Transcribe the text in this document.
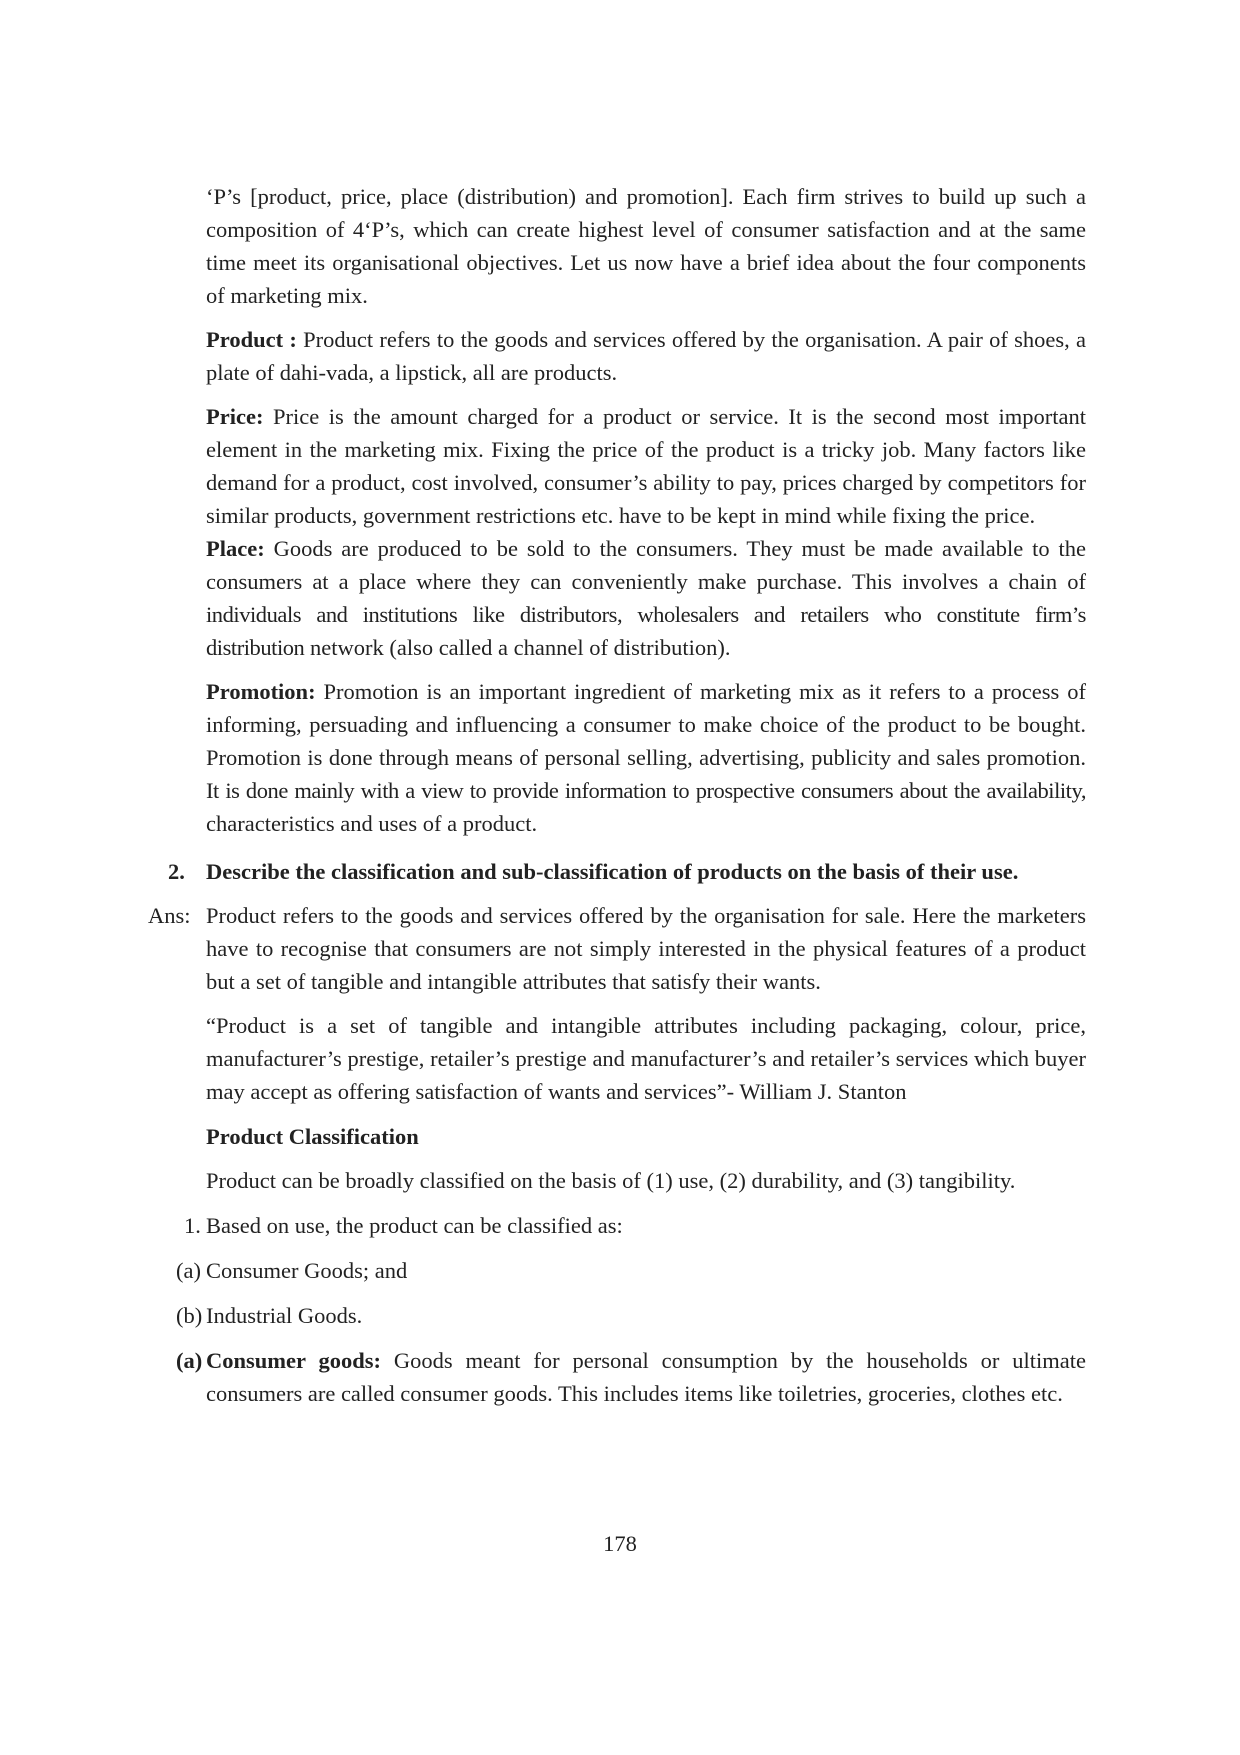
‘P’s [product, price, place (distribution) and promotion]. Each firm strives to build up such a composition of 4‘P’s, which can create highest level of consumer satisfaction and at the same time meet its organisational objectives. Let us now have a brief idea about the four components of marketing mix.

Product : Product refers to the goods and services offered by the organisation. A pair of shoes, a plate of dahi-vada, a lipstick, all are products.

Price: Price is the amount charged for a product or service. It is the second most important element in the marketing mix. Fixing the price of the product is a tricky job. Many factors like demand for a product, cost involved, consumer’s ability to pay, prices charged by competitors for similar products, government restrictions etc. have to be kept in mind while fixing the price.

Place: Goods are produced to be sold to the consumers. They must be made available to the consumers at a place where they can conveniently make purchase. This involves a chain of individuals and institutions like distributors, wholesalers and retailers who constitute firm’s distribution network (also called a channel of distribution).

Promotion: Promotion is an important ingredient of marketing mix as it refers to a process of informing, persuading and influencing a consumer to make choice of the product to be bought. Promotion is done through means of personal selling, advertising, publicity and sales promotion. It is done mainly with a view to provide information to prospective consumers about the availability, characteristics and uses of a product.

2. Describe the classification and sub-classification of products on the basis of their use.

Ans: Product refers to the goods and services offered by the organisation for sale. Here the marketers have to recognise that consumers are not simply interested in the physical features of a product but a set of tangible and intangible attributes that satisfy their wants.

“Product is a set of tangible and intangible attributes including packaging, colour, price, manufacturer’s prestige, retailer’s prestige and manufacturer’s and retailer’s services which buyer may accept as offering satisfaction of wants and services”- William J. Stanton

Product Classification

Product can be broadly classified on the basis of (1) use, (2) durability, and (3) tangibility.

1. Based on use, the product can be classified as:
(a) Consumer Goods; and
(b) Industrial Goods.
(a) Consumer goods: Goods meant for personal consumption by the households or ultimate consumers are called consumer goods. This includes items like toiletries, groceries, clothes etc.

178
